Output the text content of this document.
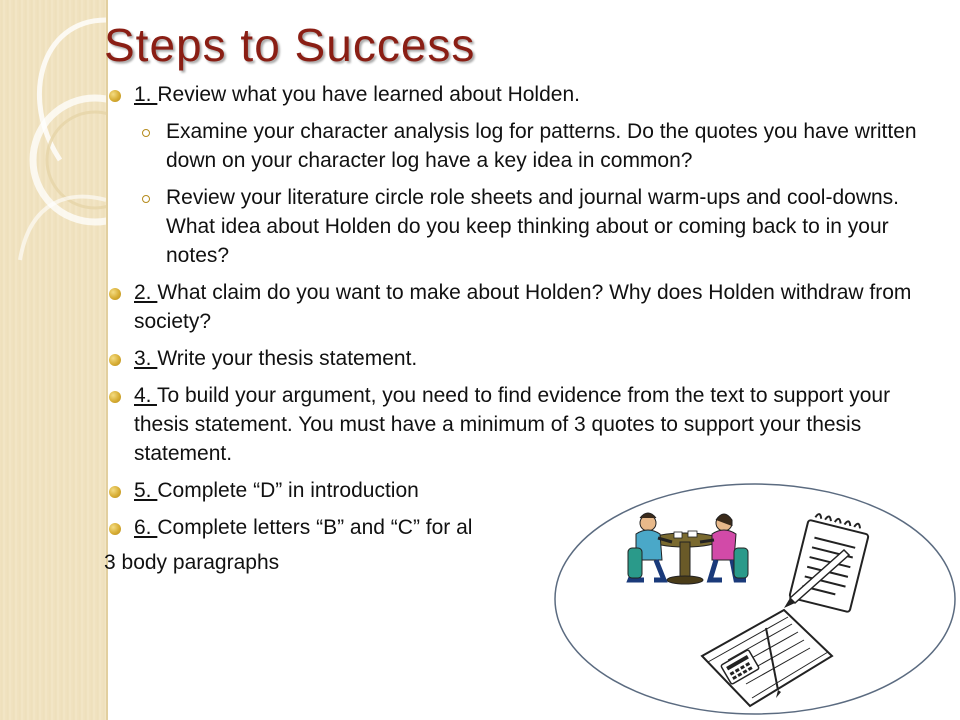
Steps to Success
1. Review what you have learned about Holden.
Examine your character analysis log for patterns. Do the quotes you have written down on your character log have a key idea in common?
Review your literature circle role sheets and journal warm-ups and cool-downs. What idea about Holden do you keep thinking about or coming back to in your notes?
2. What claim do you want to make about Holden? Why does Holden withdraw from society?
3. Write your thesis statement.
4. To build your argument, you need to find evidence from the text to support your thesis statement. You must have a minimum of 3 quotes to support your thesis statement.
5. Complete “D” in introduction
6. Complete letters “B” and “C” for al
3 body paragraphs
